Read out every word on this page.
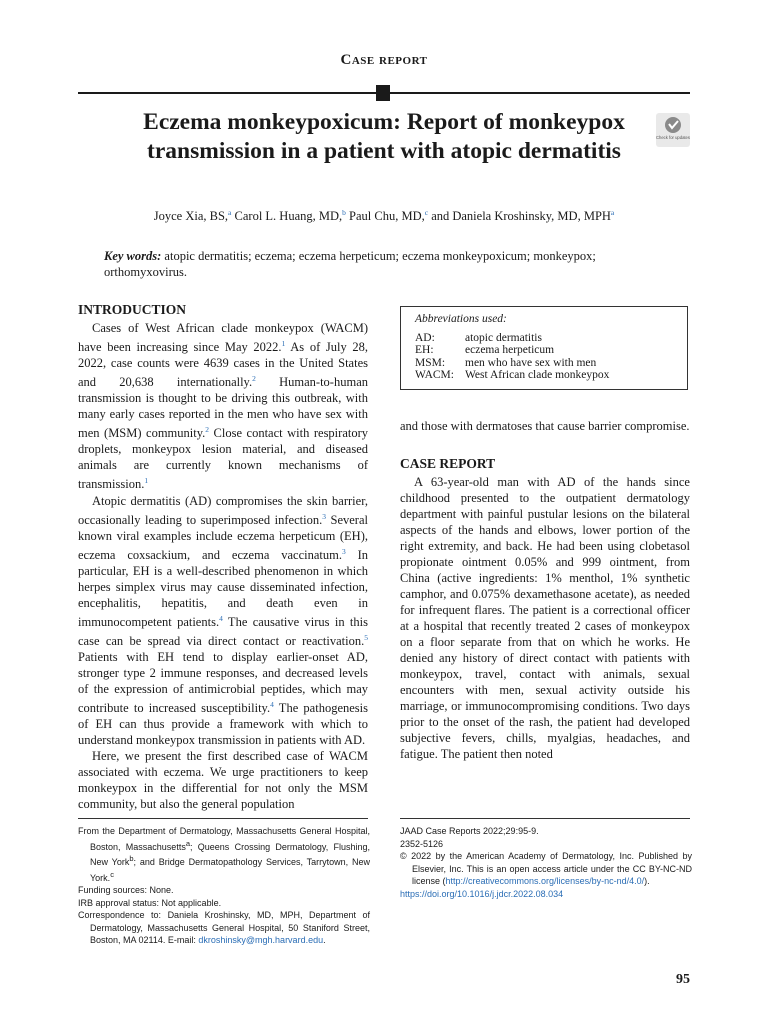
Case report
Eczema monkeypoxicum: Report of monkeypox transmission in a patient with atopic dermatitis
Check for updates
Joyce Xia, BS,$^a$ Carol L. Huang, MD,$^b$ Paul Chu, MD,$^c$ and Daniela Kroshinsky, MD, MPH$^a$
Key words: atopic dermatitis; eczema; eczema herpeticum; eczema monkeypoxicum; monkeypox; orthomyxovirus.
INTRODUCTION

Cases of West African clade monkeypox (WACM) have been increasing since May 2022.$^1$ As of July 28, 2022, case counts were 4639 cases in the United States and 20,638 internationally.$^2$ Human-to-human transmission is thought to be driving this outbreak, with many early cases reported in the men who have sex with men (MSM) community.$^2$ Close contact with respiratory droplets, monkeypox lesion material, and diseased animals are currently known mechanisms of transmission.$^1$

Atopic dermatitis (AD) compromises the skin barrier, occasionally leading to superimposed infection.$^3$ Several known viral examples include eczema herpeticum (EH), eczema coxsackium, and eczema vaccinatum.$^3$ In particular, EH is a well-described phenomenon in which herpes simplex virus may cause disseminated infection, encephalitis, hepatitis, and death even in immunocompetent patients.$^4$ The causative virus in this case can be spread via direct contact or reactivation.$^5$ Patients with EH tend to display earlier-onset AD, stronger type 2 immune responses, and decreased levels of the expression of antimicrobial peptides, which may contribute to increased susceptibility.$^4$ The pathogenesis of EH can thus provide a framework with which to understand monkeypox transmission in patients with AD.

Here, we present the first described case of WACM associated with eczema. We urge practitioners to keep monkeypox in the differential for not only the MSM community, but also the general population

Abbreviations used:
AD:	atopic dermatitis
EH:	eczema herpeticum
MSM:	men who have sex with men
WACM: West African clade monkeypox
and those with dermatoses that cause barrier compromise.
CASE REPORT

A 63-year-old man with AD of the hands since childhood presented to the outpatient dermatology department with painful pustular lesions on the bilateral aspects of the hands and elbows, lower portion of the right extremity, and back. He had been using clobetasol propionate ointment 0.05% and 999 ointment, from China (active ingredients: 1% menthol, 1% synthetic camphor, and 0.075% dexamethasone acetate), as needed for infrequent flares. The patient is a correctional officer at a hospital that recently treated 2 cases of monkeypox on a floor separate from that on which he works. He denied any history of direct contact with patients with monkeypox, travel, contact with animals, sexual encounters with men, sexual activity outside his marriage, or immunocompromising conditions. Two days prior to the onset of the rash, the patient had developed subjective fevers, chills, myalgias, headaches, and fatigue. The patient then noted

From the Department of Dermatology, Massachusetts General Hospital, Boston, Massachusetts$^a$; Queens Crossing Dermatology, Flushing, New York$^b$; and Bridge Dermatopathology Services, Tarrytown, New York.$^c$
Funding sources: None.
IRB approval status: Not applicable.
Correspondence to: Daniela Kroshinsky, MD, MPH, Department of Dermatology, Massachusetts General Hospital, 50 Staniford Street, Boston, MA 02114. E-mail: dkroshinsky@mgh.harvard.edu.
JAAD Case Reports 2022;29:95-9.
2352-5126
© 2022 by the American Academy of Dermatology, Inc. Published by Elsevier, Inc. This is an open access article under the CC BY-NC-ND license (http://creativecommons.org/licenses/by-nc-nd/4.0/).
https://doi.org/10.1016/j.jdcr.2022.08.034
95
